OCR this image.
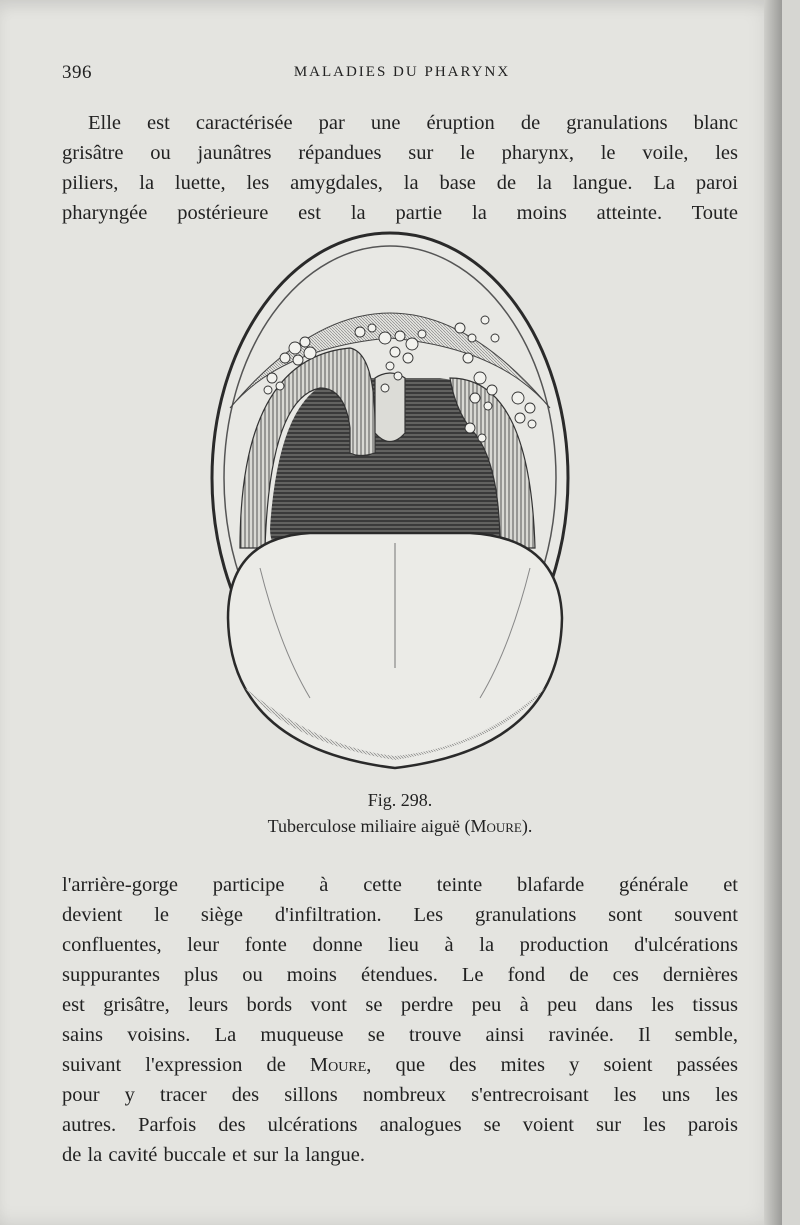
396	MALADIES DU PHARYNX
Elle est caractérisée par une éruption de granulations blanc
grisâtre ou jaunâtres répandues sur le pharynx, le voile, les
piliers, la luette, les amygdales, la base de la langue. La paroi
pharyngée postérieure est la partie la moins atteinte. Toute
Fig. 298.
Tuberculose miliaire aiguë (Moure).
l'arrière-gorge participe à cette teinte blafarde générale et
devient le siège d'infiltration. Les granulations sont souvent
confluentes, leur fonte donne lieu à la production d'ulcérations
suppurantes plus ou moins étendues. Le fond de ces dernières
est grisâtre, leurs bords vont se perdre peu à peu dans les tissus
sains voisins. La muqueuse se trouve ainsi ravinée. Il semble,
suivant l'expression de Moure, que des mites y soient passées
pour y tracer des sillons nombreux s'entrecroisant les uns les
autres. Parfois des ulcérations analogues se voient sur les parois
de la cavité buccale et sur la langue.
